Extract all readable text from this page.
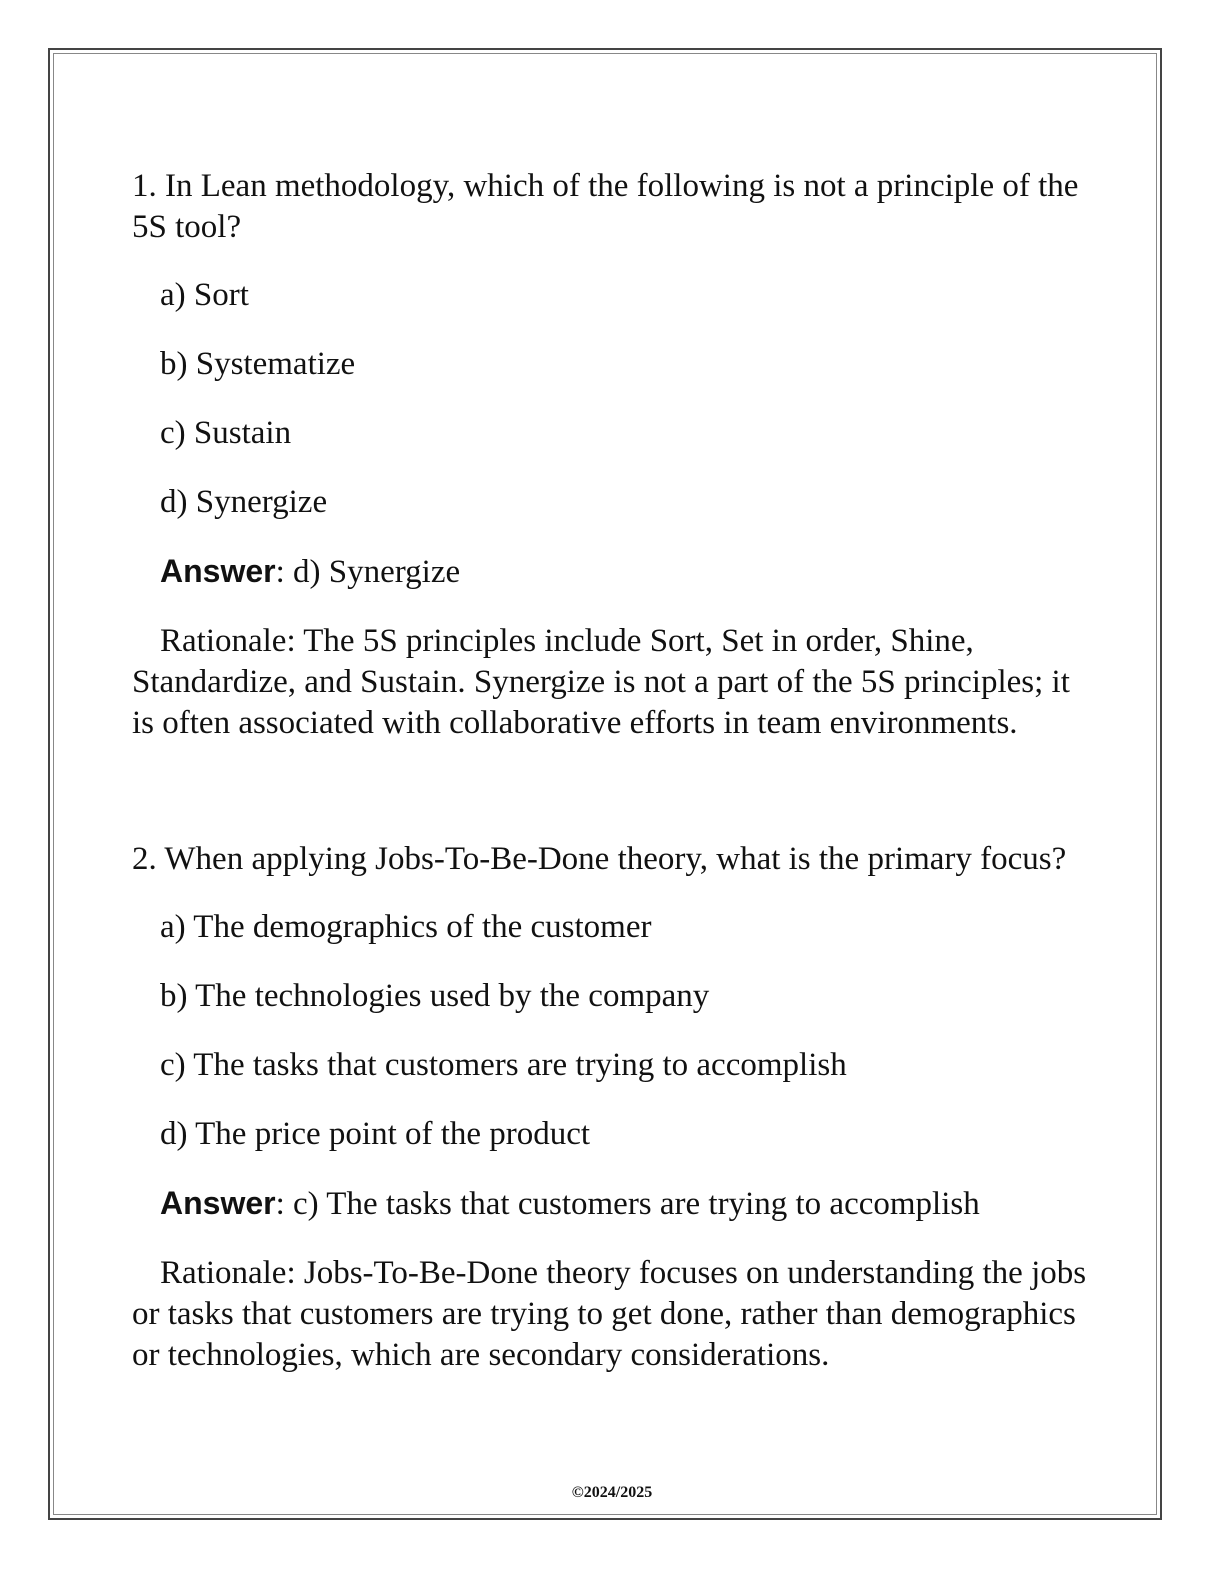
1. In Lean methodology, which of the following is not a principle of the 5S tool?

a) Sort

b) Systematize

c) Sustain

d) Synergize

Answer: d) Synergize

Rationale: The 5S principles include Sort, Set in order, Shine, Standardize, and Sustain. Synergize is not a part of the 5S principles; it is often associated with collaborative efforts in team environments.

2. When applying Jobs-To-Be-Done theory, what is the primary focus?

a) The demographics of the customer

b) The technologies used by the company

c) The tasks that customers are trying to accomplish

d) The price point of the product

Answer: c) The tasks that customers are trying to accomplish

Rationale: Jobs-To-Be-Done theory focuses on understanding the jobs or tasks that customers are trying to get done, rather than demographics or technologies, which are secondary considerations.

©2024/2025
